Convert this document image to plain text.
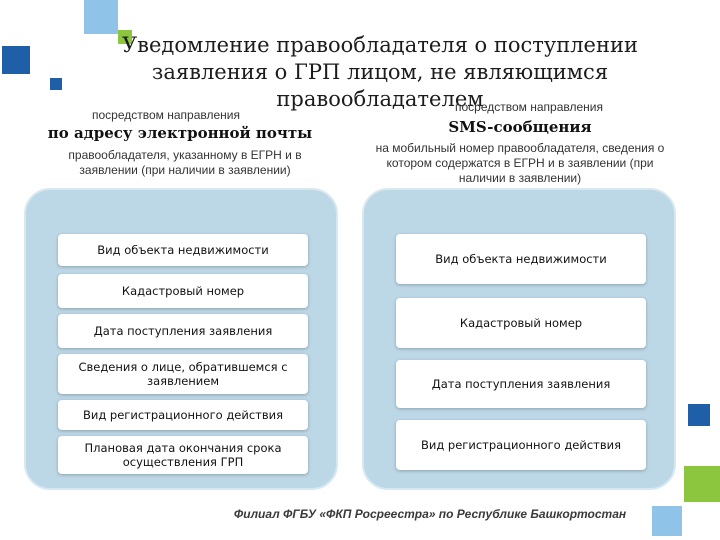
Уведомление правообладателя о поступлении заявления о ГРП лицом, не являющимся правообладателем
посредством направления
по адресу электронной почты
правообладателя, указанному в ЕГРН и в заявлении (при наличии в заявлении)
посредством направления
SMS-сообщения
на мобильный номер правообладателя, сведения о котором содержатся в ЕГРН и в заявлении (при наличии в заявлении)
Вид объекта недвижимости
Кадастровый номер
Дата поступления заявления
Сведения о лице, обратившемся с заявлением
Вид регистрационного действия
Плановая дата окончания срока осуществления ГРП
Вид объекта недвижимости
Кадастровый номер
Дата поступления заявления
Вид регистрационного действия
Филиал ФГБУ «ФКП Росреестра» по Республике Башкортостан
